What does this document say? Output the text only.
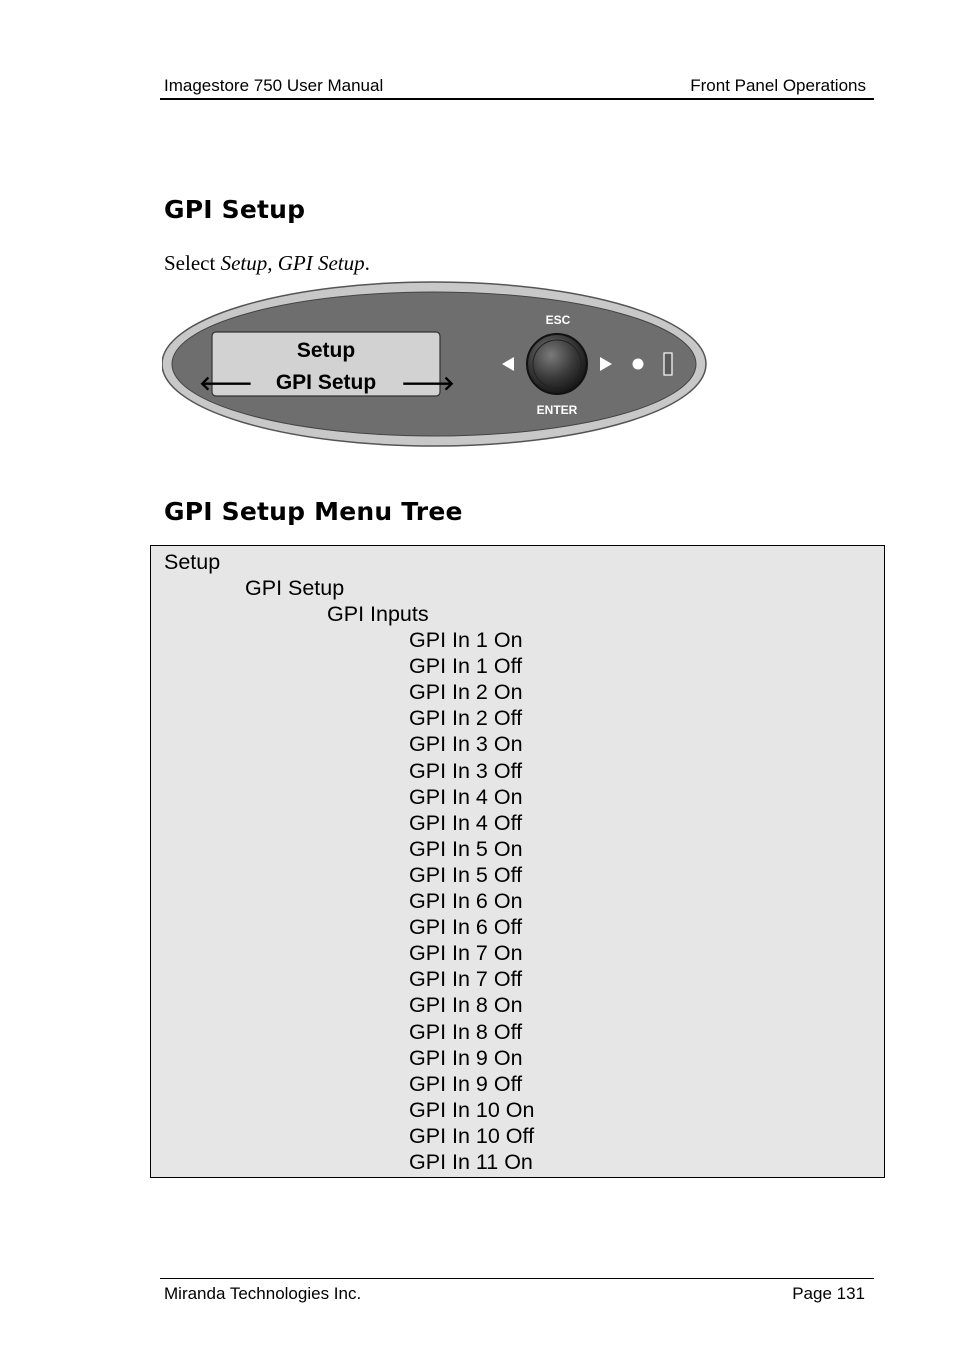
Imagestore 750 User Manual	Front Panel Operations
GPI Setup

Select Setup, GPI Setup.

Setup
GPI Setup
🡐	🡒
ESC
ENTER
GPI Setup Menu Tree
Setup
GPI Setup
GPI Inputs
GPI In 1 On
GPI In 1 Off
GPI In 2 On
GPI In 2 Off
GPI In 3 On
GPI In 3 Off
GPI In 4 On
GPI In 4 Off
GPI In 5 On
GPI In 5 Off
GPI In 6 On
GPI In 6 Off
GPI In 7 On
GPI In 7 Off
GPI In 8 On
GPI In 8 Off
GPI In 9 On
GPI In 9 Off
GPI In 10 On
GPI In 10 Off
GPI In 11 On
Miranda Technologies Inc.	Page 131
